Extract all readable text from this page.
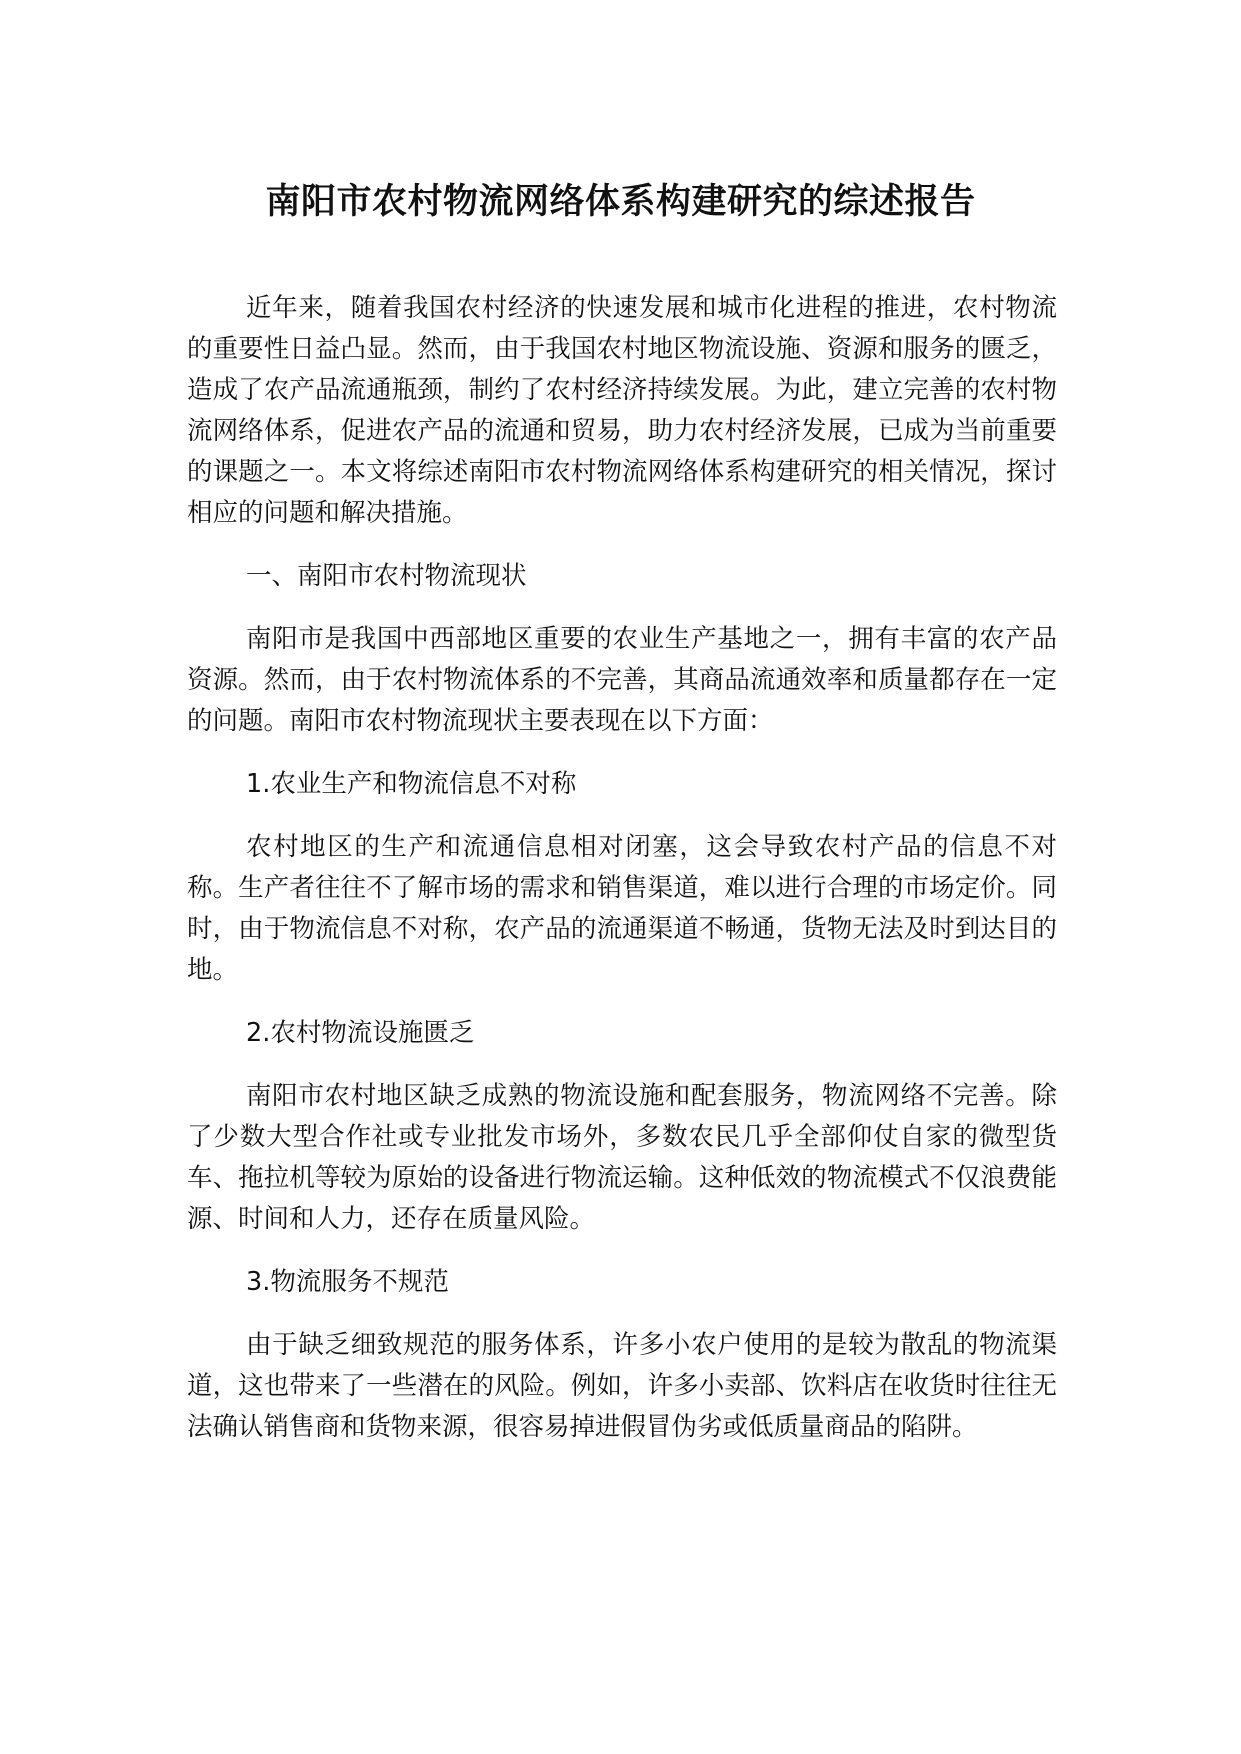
南阳市农村物流网络体系构建研究的综述报告

近年来，随着我国农村经济的快速发展和城市化进程的推进，农村物流的重要性日益凸显。然而，由于我国农村地区物流设施、资源和服务的匮乏，造成了农产品流通瓶颈，制约了农村经济持续发展。为此，建立完善的农村物流网络体系，促进农产品的流通和贸易，助力农村经济发展，已成为当前重要的课题之一。本文将综述南阳市农村物流网络体系构建研究的相关情况，探讨相应的问题和解决措施。

一、南阳市农村物流现状

南阳市是我国中西部地区重要的农业生产基地之一，拥有丰富的农产品资源。然而，由于农村物流体系的不完善，其商品流通效率和质量都存在一定的问题。南阳市农村物流现状主要表现在以下方面：

1.农业生产和物流信息不对称

农村地区的生产和流通信息相对闭塞，这会导致农村产品的信息不对称。生产者往往不了解市场的需求和销售渠道，难以进行合理的市场定价。同时，由于物流信息不对称，农产品的流通渠道不畅通，货物无法及时到达目的地。

2.农村物流设施匮乏

南阳市农村地区缺乏成熟的物流设施和配套服务，物流网络不完善。除了少数大型合作社或专业批发市场外，多数农民几乎全部仰仗自家的微型货车、拖拉机等较为原始的设备进行物流运输。这种低效的物流模式不仅浪费能源、时间和人力，还存在质量风险。

3.物流服务不规范

由于缺乏细致规范的服务体系，许多小农户使用的是较为散乱的物流渠道，这也带来了一些潜在的风险。例如，许多小卖部、饮料店在收货时往往无法确认销售商和货物来源，很容易掉进假冒伪劣或低质量商品的陷阱。
